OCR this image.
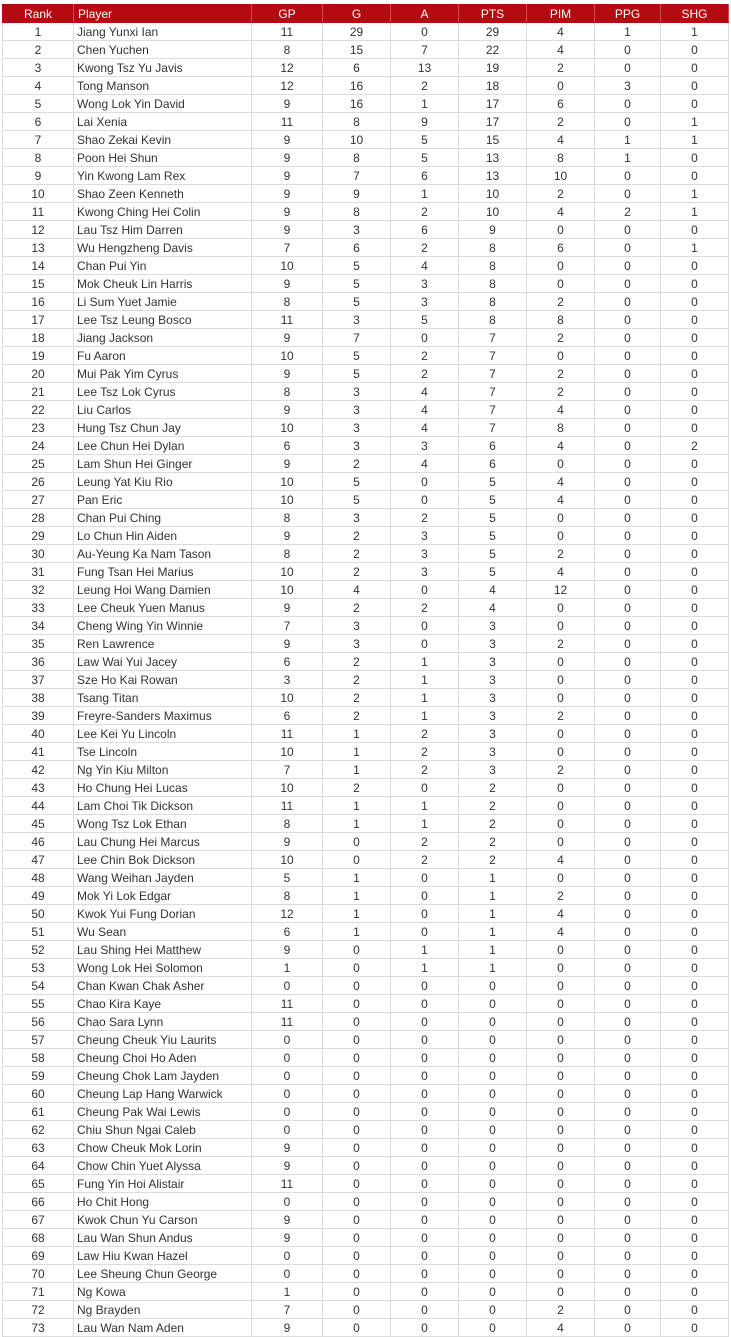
Rank	Player	GP	G	A	PTS	PIM	PPG	SHG
1	Jiang Yunxi Ian	11	29	0	29	4	1	1
2	Chen Yuchen	8	15	7	22	4	0	0
3	Kwong Tsz Yu Javis	12	6	13	19	2	0	0
4	Tong Manson	12	16	2	18	0	3	0
5	Wong Lok Yin David	9	16	1	17	6	0	0
6	Lai Xenia	11	8	9	17	2	0	1
7	Shao Zekai Kevin	9	10	5	15	4	1	1
8	Poon Hei Shun	9	8	5	13	8	1	0
9	Yin Kwong Lam Rex	9	7	6	13	10	0	0
10	Shao Zeen Kenneth	9	9	1	10	2	0	1
11	Kwong Ching Hei Colin	9	8	2	10	4	2	1
12	Lau Tsz Him Darren	9	3	6	9	0	0	0
13	Wu Hengzheng Davis	7	6	2	8	6	0	1
14	Chan Pui Yin	10	5	4	8	0	0	0
15	Mok Cheuk Lin Harris	9	5	3	8	0	0	0
16	Li Sum Yuet Jamie	8	5	3	8	2	0	0
17	Lee Tsz Leung Bosco	11	3	5	8	8	0	0
18	Jiang Jackson	9	7	0	7	2	0	0
19	Fu Aaron	10	5	2	7	0	0	0
20	Mui Pak Yim Cyrus	9	5	2	7	2	0	0
21	Lee Tsz Lok Cyrus	8	3	4	7	2	0	0
22	Liu Carlos	9	3	4	7	4	0	0
23	Hung Tsz Chun Jay	10	3	4	7	8	0	0
24	Lee Chun Hei Dylan	6	3	3	6	4	0	2
25	Lam Shun Hei Ginger	9	2	4	6	0	0	0
26	Leung Yat Kiu Rio	10	5	0	5	4	0	0
27	Pan Eric	10	5	0	5	4	0	0
28	Chan Pui Ching	8	3	2	5	0	0	0
29	Lo Chun Hin Aiden	9	2	3	5	0	0	0
30	Au-Yeung Ka Nam Tason	8	2	3	5	2	0	0
31	Fung Tsan Hei Marius	10	2	3	5	4	0	0
32	Leung Hoi Wang Damien	10	4	0	4	12	0	0
33	Lee Cheuk Yuen Manus	9	2	2	4	0	0	0
34	Cheng Wing Yin Winnie	7	3	0	3	0	0	0
35	Ren Lawrence	9	3	0	3	2	0	0
36	Law Wai Yui Jacey	6	2	1	3	0	0	0
37	Sze Ho Kai Rowan	3	2	1	3	0	0	0
38	Tsang Titan	10	2	1	3	0	0	0
39	Freyre-Sanders Maximus	6	2	1	3	2	0	0
40	Lee Kei Yu Lincoln	11	1	2	3	0	0	0
41	Tse Lincoln	10	1	2	3	0	0	0
42	Ng Yin Kiu Milton	7	1	2	3	2	0	0
43	Ho Chung Hei Lucas	10	2	0	2	0	0	0
44	Lam Choi Tik Dickson	11	1	1	2	0	0	0
45	Wong Tsz Lok Ethan	8	1	1	2	0	0	0
46	Lau Chung Hei Marcus	9	0	2	2	0	0	0
47	Lee Chin Bok Dickson	10	0	2	2	4	0	0
48	Wang Weihan Jayden	5	1	0	1	0	0	0
49	Mok Yi Lok Edgar	8	1	0	1	2	0	0
50	Kwok Yui Fung Dorian	12	1	0	1	4	0	0
51	Wu Sean	6	1	0	1	4	0	0
52	Lau Shing Hei Matthew	9	0	1	1	0	0	0
53	Wong Lok Hei Solomon	1	0	1	1	0	0	0
54	Chan Kwan Chak Asher	0	0	0	0	0	0	0
55	Chao Kira Kaye	11	0	0	0	0	0	0
56	Chao Sara Lynn	11	0	0	0	0	0	0
57	Cheung Cheuk Yiu Laurits	0	0	0	0	0	0	0
58	Cheung Choi Ho Aden	0	0	0	0	0	0	0
59	Cheung Chok Lam Jayden	0	0	0	0	0	0	0
60	Cheung Lap Hang Warwick	0	0	0	0	0	0	0
61	Cheung Pak Wai Lewis	0	0	0	0	0	0	0
62	Chiu Shun Ngai Caleb	0	0	0	0	0	0	0
63	Chow Cheuk Mok Lorin	9	0	0	0	0	0	0
64	Chow Chin Yuet Alyssa	9	0	0	0	0	0	0
65	Fung Yin Hoi Alistair	11	0	0	0	0	0	0
66	Ho Chit Hong	0	0	0	0	0	0	0
67	Kwok Chun Yu Carson	9	0	0	0	0	0	0
68	Lau Wan Shun Andus	9	0	0	0	0	0	0
69	Law Hiu Kwan Hazel	0	0	0	0	0	0	0
70	Lee Sheung Chun George	0	0	0	0	0	0	0
71	Ng Kowa	1	0	0	0	0	0	0
72	Ng Brayden	7	0	0	0	2	0	0
73	Lau Wan Nam Aden	9	0	0	0	4	0	0
